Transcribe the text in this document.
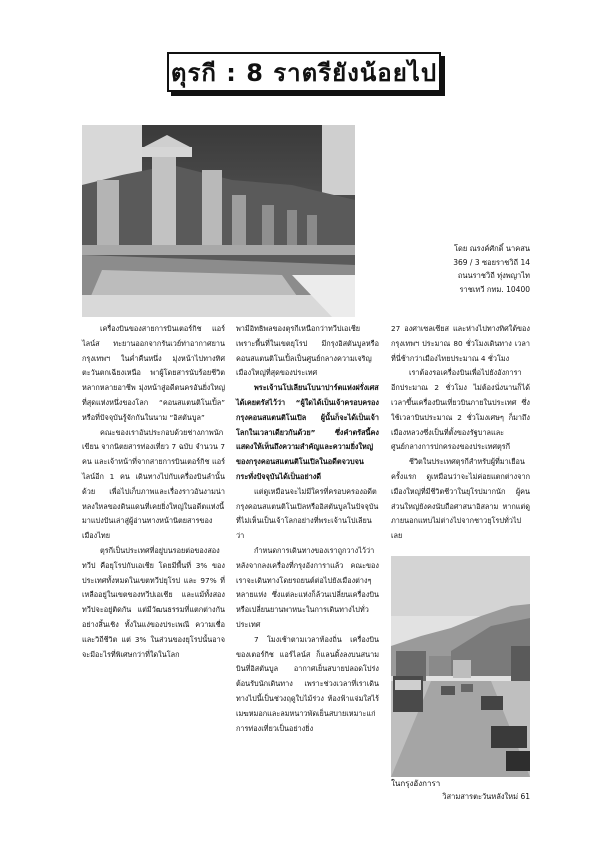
ตุรกี : 8 ราตรียังน้อยไป
โดย ณรงค์ศักดิ์ นาคสน
369 / 3 ซอยราชวิถี 14
ถนนราชวิถี ทุ่งพญาไท
ราชเทวี กทม. 10400

เครื่องบินของสายการบินเตอร์กิช แอร์ไลน์ส ทะยานออกจากรันเวย์ท่าอากาศยานกรุงเทพฯ ในค่ำคืนหนึ่ง มุ่งหน้าไปทางทิศตะวันตกเฉียงเหนือ พาผู้โดยสารนับร้อยชีวิตหลากหลายอาชีพ มุ่งหน้าสู่อดีตนครอันยิ่งใหญ่ที่สุดแห่งหนึ่งของโลก “คอนสแตนติโนเปิ้ล” หรือที่ปัจจุบันรู้จักกันในนาม “อิสตันบูล”

คณะของเราอันประกอบด้วยช่างภาพนักเขียน จากนิตยสารท่องเที่ยว 7 ฉบับ จำนวน 7 คน และเจ้าหน้าที่จากสายการบินเตอร์กิช แอร์ไลน์อีก 1 คน เดินทางไปกับเครื่องบินลำนั้นด้วย เพื่อไปเก็บภาพและเรื่องราวอันงามน่าหลงใหลของดินแดนที่เคยยิ่งใหญ่ในอดีตแห่งนี้มาแบ่งปันเล่าสู่ผู้อ่านทางหน้านิตยสารของเมืองไทย

ตุรกีเป็นประเทศที่อยู่บนรอยต่อของสองทวีป คือยุโรปกับเอเชีย โดยมีพื้นที่ 3% ของประเทศทั้งหมดในเขตทวีปยุโรป และ 97% ที่เหลืออยู่ในเขตของทวีปเอเชีย และแม้ทั้งสองทวีปจะอยู่ติดกัน แต่มีวัฒนธรรมที่แตกต่างกันอย่างสิ้นเชิง ทั้งในแง่ของประเพณี ความเชื่อ และวิถีชีวิต แต่ 3% ในส่วนของยุโรปนั้นอาจจะมีอะไรที่พิเศษกว่าที่ใดในโลก

พามีอิทธิพลของตุรกีเหนือกว่าทวีปเอเชีย เพราะพื้นที่ในเขตยุโรป มีกรุงอิสตันบูลหรือคอนสแตนติโนเปิ้ลเป็นศูนย์กลางความเจริญ เมืองใหญ่ที่สุดของประเทศ

พระเจ้านโปเลียนโบนาปาร์ตแห่งฝรั่งเศสได้เคยตรัสไว้ว่า “ผู้ใดได้เป็นเจ้าครอบครองกรุงคอนสแตนติโนเปิล ผู้นั้นก็จะได้เป็นเจ้าโลกในเวลาเดียวกันด้วย” ซึ่งคำตรัสนี้คงแสดงให้เห็นถึงความสำคัญและความยิ่งใหญ่ของกรุงคอนสแตนติโนเปิลในอดีตจวบจนกระทั่งปัจจุบันได้เป็นอย่างดี

แต่ดูเหมือนจะไม่มีใครที่ครอบครองอดีตกรุงคอนสแตนติโนเปิลหรืออิสตันบูลในปัจจุบันที่ไม่เห็นเป็นเจ้าโลกอย่างที่พระเจ้านโปเลียนว่า

กำหนดการเดินทางของเราถูกวางไว้ว่า หลังจากลงเครื่องที่กรุงอังการาแล้ว คณะของเราจะเดินทางโดยรถยนต์ต่อไปยังเมืองต่างๆ หลายแห่ง ซึ่งแต่ละแห่งก็ล้วนเปลี่ยนเครื่องบินหรือเปลี่ยนยานพาหนะในการเดินทางไปทั่วประเทศ

7 โมงเช้าตามเวลาท้องถิ่น เครื่องบินของเตอร์กิช แอร์ไลน์ส ก็แลนดิ้งลงบนสนามบินที่อิสตันบูล อากาศเย็นสบายปลอดโปร่งต้อนรับนักเดินทาง เพราะช่วงเวลาที่เราเดินทางไปนี้เป็นช่วงฤดูใบไม้ร่วง ท้องฟ้าแจ่มใสไร้เมฆหมอกและลมหนาวพัดเย็นสบายเหมาะแก่การท่องเที่ยวเป็นอย่างยิ่ง

27 องศาเซลเซียส และห่างไปทางทิศใต้ของกรุงเทพฯ ประมาณ 80 ชั่วโมงเดินทาง เวลาที่นี่ช้ากว่าเมืองไทยประมาณ 4 ชั่วโมง

เราต้องรอเครื่องบินเพื่อไปยังอังการาอีกประมาณ 2 ชั่วโมง ไม่ต้องนั่งนานก็ได้เวลาขึ้นเครื่องบินเที่ยวบินภายในประเทศ ซึ่งใช้เวลาบินประมาณ 2 ชั่วโมงเศษๆ ก็มาถึงเมืองหลวงซึ่งเป็นที่ตั้งของรัฐบาลและศูนย์กลางการปกครองของประเทศตุรกี

ชีวิตในประเทศตุรกีสำหรับผู้ที่มาเยือนครั้งแรก ดูเหมือนว่าจะไม่ค่อยแตกต่างจากเมืองใหญ่ที่มีชีวิตชีวาในยุโรปมากนัก ผู้คนส่วนใหญ่ยังคงนับถือศาสนาอิสลาม หากแต่ดูภายนอกแทบไม่ต่างไปจากชาวยุโรปทั่วไปเลย

ในกรุงอังการา
วิสามสารตะวันหลังใหม่ 61
